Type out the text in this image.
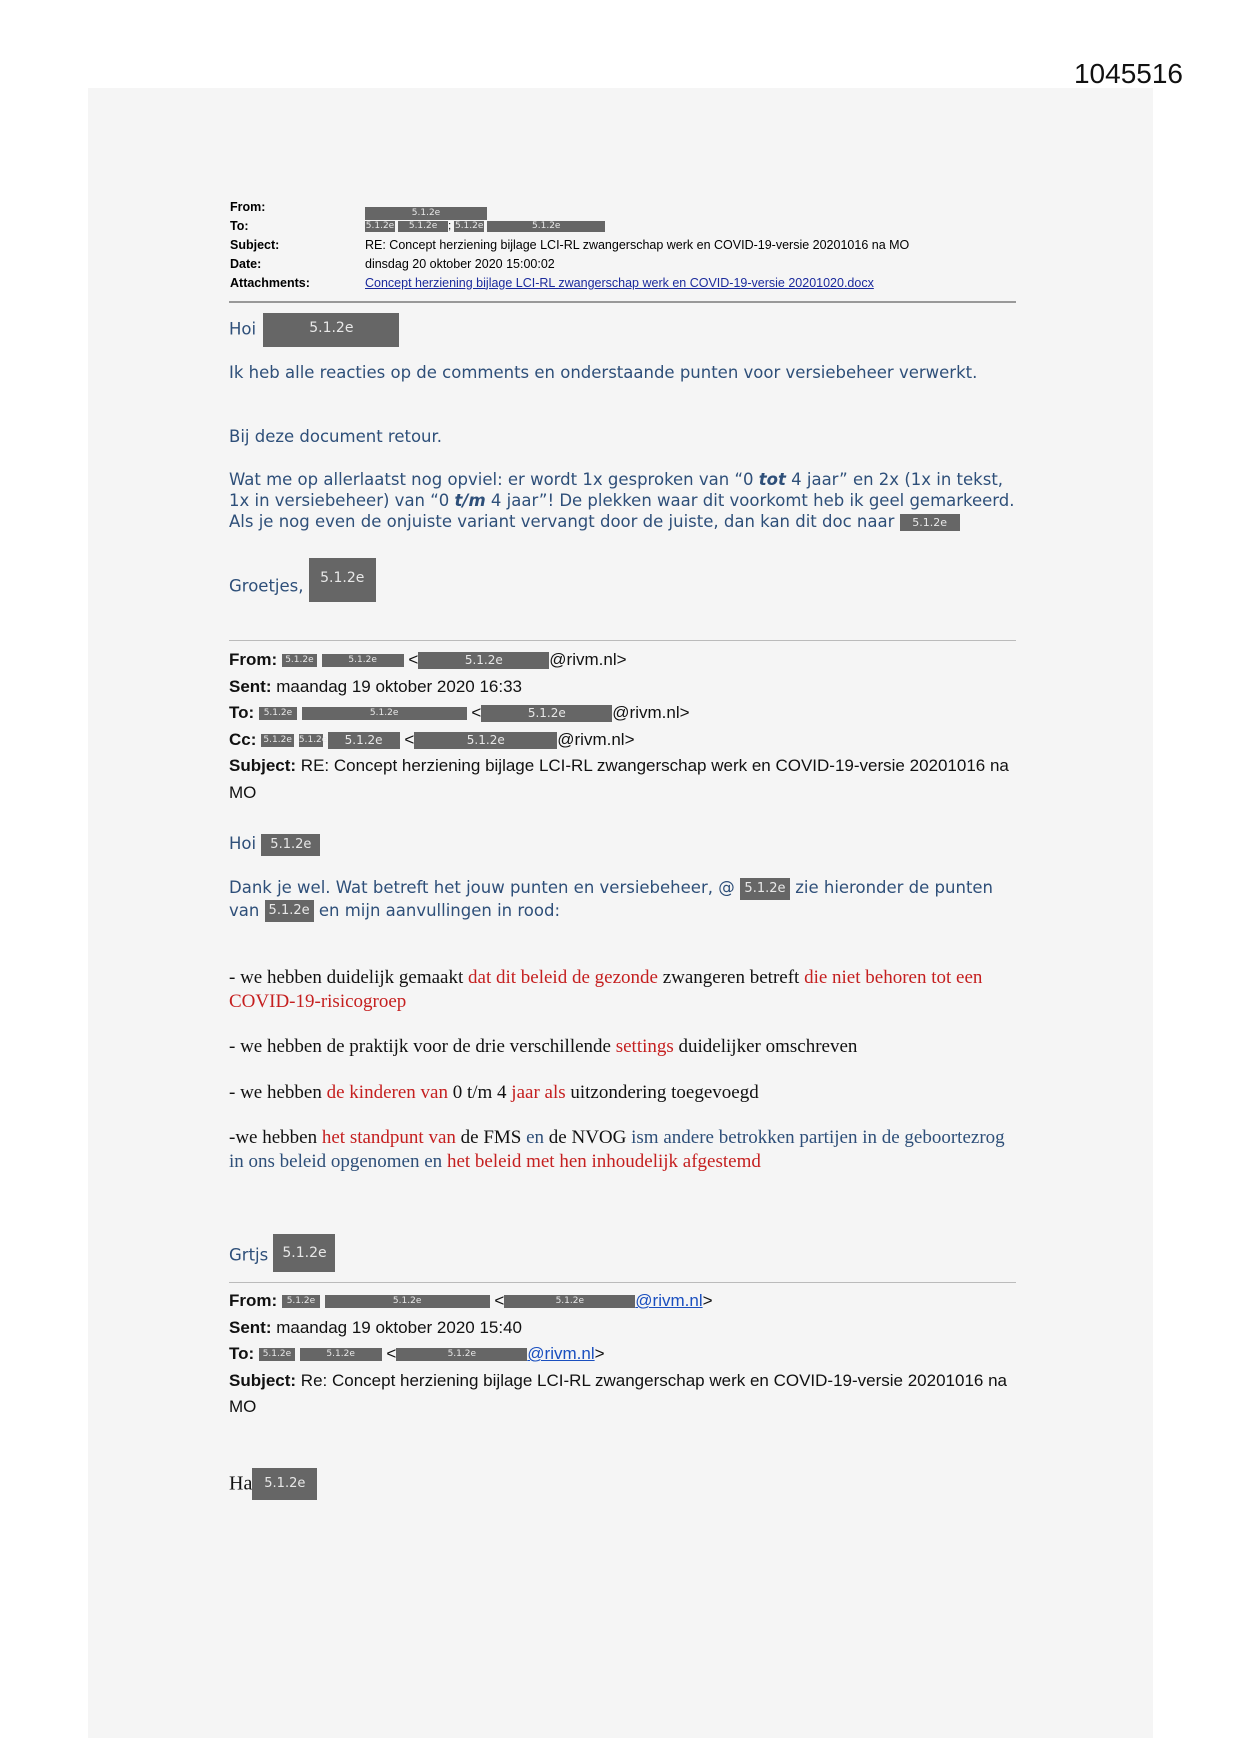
1045516
From:	5.1.2e
To:	5.1.2e 5.1.2e ; 5.1.2e	5.1.2e
Subject:	RE: Concept herziening bijlage LCI-RL zwangerschap werk en COVID-19-versie 20201016 na MO
Date:	dinsdag 20 oktober 2020 15:00:02
Attachments:	Concept herziening bijlage LCI-RL zwangerschap werk en COVID-19-versie 20201020.docx
Hoi	5.1.2e
Ik heb alle reacties op de comments en onderstaande punten voor versiebeheer verwerkt.
Bij deze document retour.
Wat me op allerlaatst nog opviel: er wordt 1x gesproken van “0 tot 4 jaar” en 2x (1x in tekst, 1x in versiebeheer) van “0 t/m 4 jaar”! De plekken waar dit voorkomt heb ik geel gemarkeerd. Als je nog even de onjuiste variant vervangt door de juiste, dan kan dit doc naar 5.1.2e
Groetjes, 5.1.2e
From: 5.1.2e	5.1.2e <	5.1.2e	@rivm.nl>
Sent: maandag 19 oktober 2020 16:33
To: 5.1.2e	5.1.2e	<	5.1.2e	@rivm.nl>
Cc: 5.1.2e 5.1.2e 5.1.2e <	5.1.2e	@rivm.nl>
Subject: RE: Concept herziening bijlage LCI-RL zwangerschap werk en COVID-19-versie 20201016 na MO
Hoi 5.1.2e
Dank je wel. Wat betreft het jouw punten en versiebeheer, @ 5.1.2e zie hieronder de punten van 5.1.2e en mijn aanvullingen in rood:
- we hebben duidelijk gemaakt dat dit beleid de gezonde zwangeren betreft die niet behoren tot een COVID-19-risicogroep
- we hebben de praktijk voor de drie verschillende settings duidelijker omschreven
- we hebben de kinderen van 0 t/m 4 jaar als uitzondering toegevoegd
-we hebben het standpunt van de FMS en de NVOG ism andere betrokken partijen in de geboortezrog in ons beleid opgenomen en het beleid met hen inhoudelijk afgestemd
Grtjs 5.1.2e
From: 5.1.2e	5.1.2e	<	5.1.2e	@rivm.nl>
Sent: maandag 19 oktober 2020 15:40
To: 5.1.2e	5.1.2e <	5.1.2e	@rivm.nl>
Subject: Re: Concept herziening bijlage LCI-RL zwangerschap werk en COVID-19-versie 20201016 na MO
Ha 5.1.2e
